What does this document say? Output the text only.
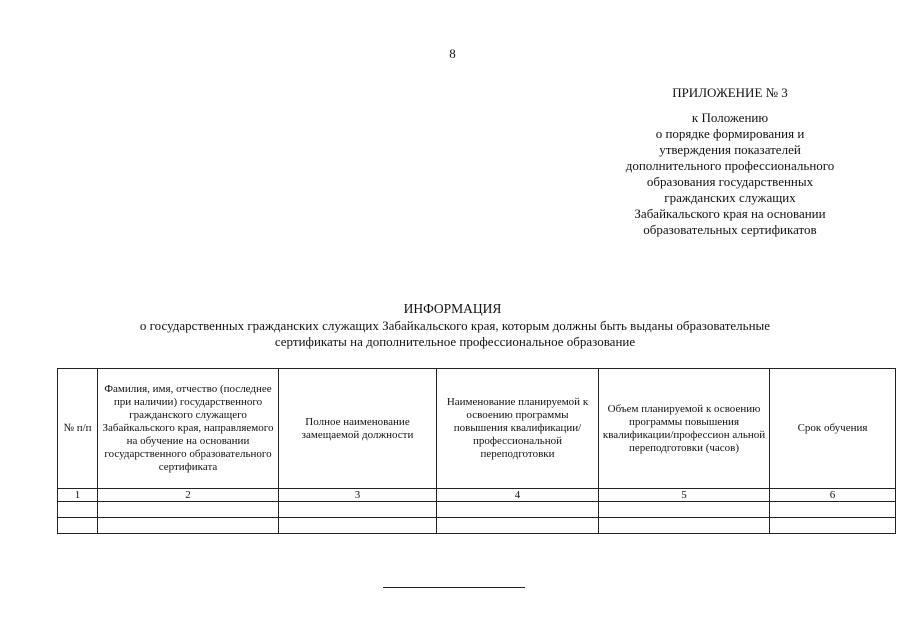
8
ПРИЛОЖЕНИЕ № 3
к Положению
о порядке формирования и
утверждения показателей
дополнительного профессионального
образования государственных
гражданских служащих
Забайкальского края на основании
образовательных сертификатов
ИНФОРМАЦИЯ
о государственных гражданских служащих Забайкальского края, которым должны быть выданы образовательные
сертификаты на дополнительное профессиональное образование
№ п/п	Фамилия, имя, отчество (последнее при наличии) государственного гражданского служащего Забайкальского края, направляемого на обучение на основании государственного образовательного сертификата	Полное наименование замещаемой должности	Наименование планируемой к освоению программы повышения квалификации/ профессиональной переподготовки	Объем планируемой к освоению программы повышения квалификации/профессион альной переподготовки (часов)	Срок обучения
1	2	3	4	5	6
